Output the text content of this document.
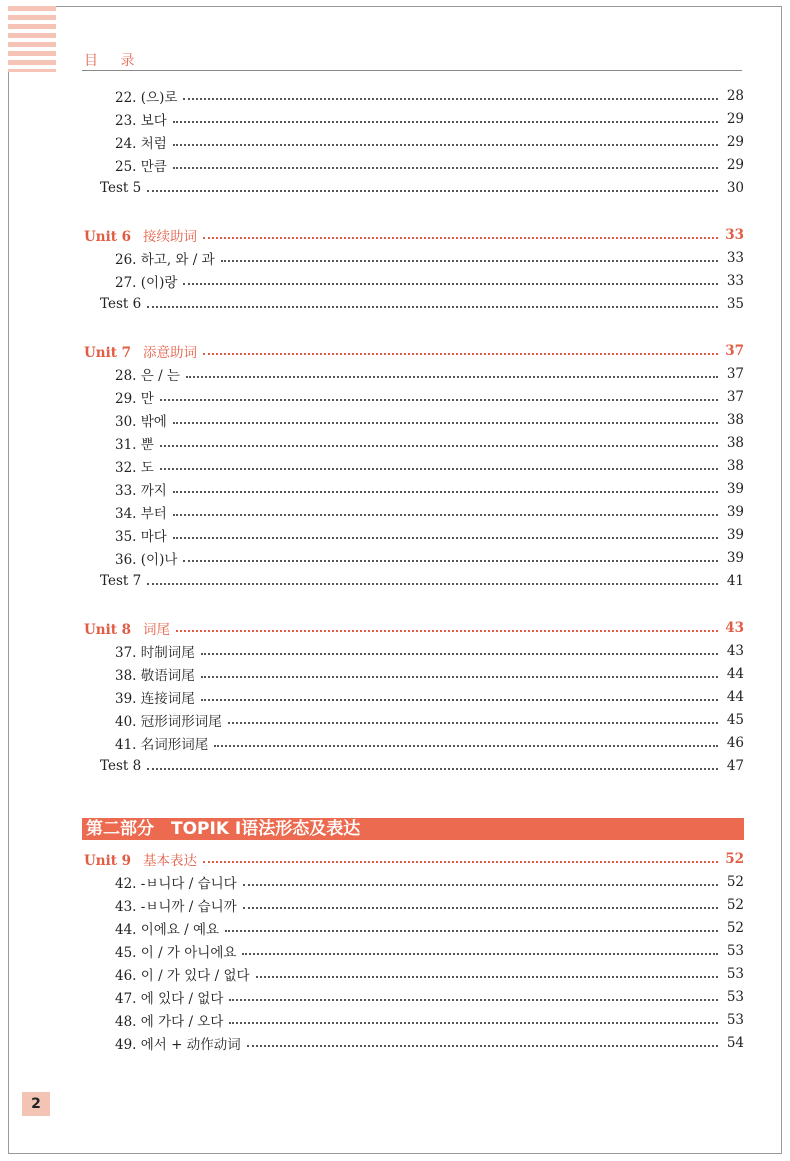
目 录
22. (으)로	28
23. 보다	29
24. 처럼	29
25. 만큼	29
Test 5	30
Unit 6 接续助词	33
26. 하고, 와 / 과	33
27. (이)랑	33
Test 6	35
Unit 7 添意助词	37
28. 은 / 는	37
29. 만	37
30. 밖에	38
31. 뿐	38
32. 도	38
33. 까지	39
34. 부터	39
35. 마다	39
36. (이)나	39
Test 7	41
Unit 8 词尾	43
37. 时制词尾	43
38. 敬语词尾	44
39. 连接词尾	44
40. 冠形词形词尾	45
41. 名词形词尾	46
Test 8	47
Unit 9 基本表达	52
42. -ㅂ니다 / 습니다	52
43. -ㅂ니까 / 습니까	52
44. 이에요 / 예요	52
45. 이 / 가 아니에요	53
46. 이 / 가 있다 / 없다	53
47. 에 있다 / 없다	53
48. 에 가다 / 오다	53
49. 에서 + 动作动词	54
第二部分　TOPIK Ⅰ语法形态及表达
2
